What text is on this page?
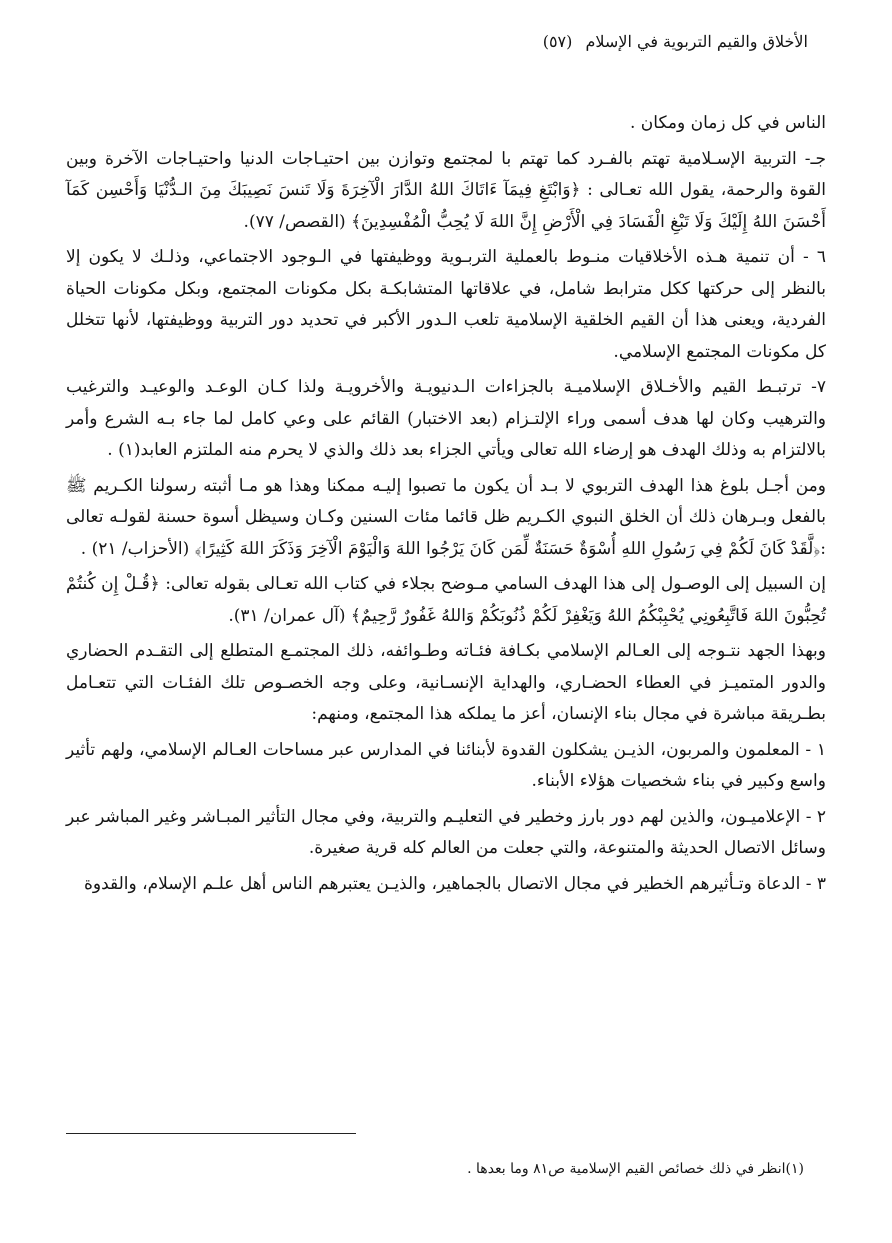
الأخلاق والقيم التربوية في الإسلام (٥٧)

الناس في كل زمان ومكان .

جـ- التربية الإسـلامية تهتم بالفـرد كما تهتم با لمجتمع وتوازن بين احتيـاجات الدنيا واحتيـاجات الآخرة وبين القوة والرحمة، يقول الله تعـالى : ﴿وَابْتَغِ فِيمَآ ءَاتَاكَ اللهُ الدَّارَ الْآخِرَةَ وَلَا تَنسَ نَصِيبَكَ مِنَ الـدُّنْيَا وَأَحْسِن كَمَآ أَحْسَنَ اللهُ إِلَيْكَ وَلَا تَبْغِ الْفَسَادَ فِي الْأَرْضِ إِنَّ اللهَ لَا يُحِبُّ الْمُفْسِدِينَ﴾ (القصص/ ٧٧).

٦ - أن تنمية هـذه الأخلاقيات منـوط بالعملية التربـوية ووظيفتها في الـوجود الاجتماعي، وذلـك لا يكون إلا بالنظر إلى حركتها ككل مترابط شامل، في علاقاتها المتشابكـة بكل مكونات المجتمع، وبكل مكونات الحياة الفردية، ويعنى هذا أن القيم الخلقية الإسلامية تلعب الـدور الأكبر في تحديد دور التربية ووظيفتها، لأنها تتخلل كل مكونات المجتمع الإسلامي.

٧- ترتبـط القيم والأخـلاق الإسلاميـة بالجزاءات الـدنيويـة والأخرويـة ولذا كـان الوعـد والوعيـد والترغيب والترهيب وكان لها هدف أسمى وراء الإلتـزام (بعد الاختبار) القائم على وعي كامل لما جاء بـه الشرع وأمر بالالتزام به وذلك الهدف هو إرضاء الله تعالى ويأتي الجزاء بعد ذلك والذي لا يحرم منه الملتزم العابد(١) .

ومن أجـل بلوغ هذا الهدف التربوي لا بـد أن يكون ما تصبوا إليـه ممكنا وهذا هو مـا أثبته رسولنا الكـريم ﷺ بالفعل وبـرهان ذلك أن الخلق النبوي الكـريم ظل قائما مئات السنين وكـان وسيظل أسوة حسنة لقولـه تعالى :﴿لَّقَدْ كَانَ لَكُمْ فِي رَسُولِ اللهِ أُسْوَةٌ حَسَنَةٌ لِّمَن كَانَ يَرْجُوا اللهَ وَالْيَوْمَ الْآخِرَ وَذَكَرَ اللهَ كَثِيرًا﴾ (الأحزاب/ ٢١) .

إن السبيل إلى الوصـول إلى هذا الهدف السامي مـوضح بجلاء في كتاب الله تعـالى بقوله تعالى: ﴿قُـلْ إِن كُنتُمْ تُحِبُّونَ اللهَ فَاتَّبِعُونِي يُحْبِبْكُمُ اللهُ وَيَغْفِرْ لَكُمْ ذُنُوبَكُمْ وَاللهُ غَفُورٌ رَّحِيمٌ﴾ (آل عمران/ ٣١).

وبهذا الجهد نتـوجه إلى العـالم الإسلامي بكـافة فئـاته وطـوائفه، ذلك المجتمـع المتطلع إلى التقـدم الحضاري والدور المتميـز في العطاء الحضـاري، والهداية الإنسـانية، وعلى وجه الخصـوص تلك الفئـات التي تتعـامل بطـريقة مباشرة في مجال بناء الإنسان، أعز ما يملكه هذا المجتمع، ومنهم:

١ - المعلمون والمربون، الذيـن يشكلون القدوة لأبنائنا في المدارس عبر مساحات العـالم الإسلامي، ولهم تأثير واسع وكبير في بناء شخصيات هؤلاء الأبناء.

٢ - الإعلاميـون، والذين لهم دور بارز وخطير في التعليـم والتربية، وفي مجال التأثير المبـاشر وغير المباشر عبر وسائل الاتصال الحديثة والمتنوعة، والتي جعلت من العالم كله قرية صغيرة.

٣ - الدعاة وتـأثيرهم الخطير في مجال الاتصال بالجماهير، والذيـن يعتبرهم الناس أهل علـم الإسلام، والقدوة

(١)انظر في ذلك خصائص القيم الإسلامية ص٨١ وما بعدها .
